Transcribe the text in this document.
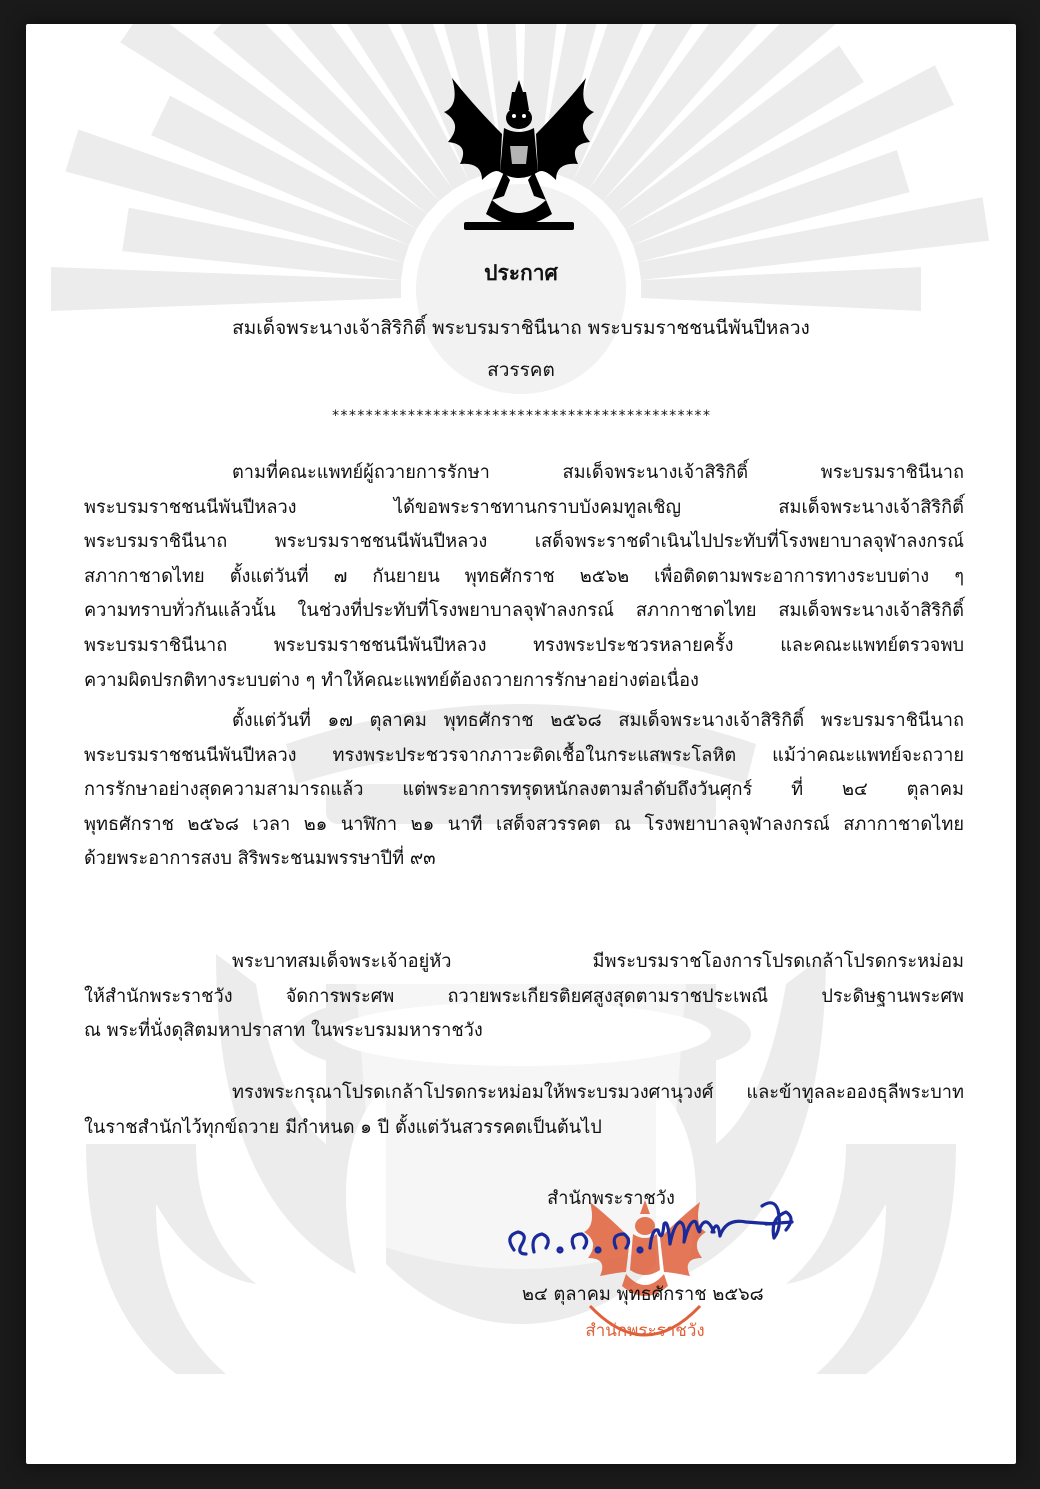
ประกาศ
สมเด็จพระนางเจ้าสิริกิติ์ พระบรมราชินีนาถ พระบรมราชชนนีพันปีหลวง
สวรรคต
*********************************************
ตามที่คณะแพทย์ผู้ถวายการรักษา สมเด็จพระนางเจ้าสิริกิติ์ พระบรมราชินีนาถ
พระบรมราชชนนีพันปีหลวง ได้ขอพระราชทานกราบบังคมทูลเชิญ สมเด็จพระนางเจ้าสิริกิติ์
พระบรมราชินีนาถ พระบรมราชชนนีพันปีหลวง เสด็จพระราชดำเนินไปประทับที่โรงพยาบาลจุฬาลงกรณ์
สภากาชาดไทย ตั้งแต่วันที่ ๗ กันยายน พุทธศักราช ๒๕๖๒ เพื่อติดตามพระอาการทางระบบต่าง ๆ
ความทราบทั่วกันแล้วนั้น ในช่วงที่ประทับที่โรงพยาบาลจุฬาลงกรณ์ สภากาชาดไทย สมเด็จพระนางเจ้าสิริกิติ์
พระบรมราชินีนาถ พระบรมราชชนนีพันปีหลวง ทรงพระประชวรหลายครั้ง และคณะแพทย์ตรวจพบ
ความผิดปรกติทางระบบต่าง ๆ ทำให้คณะแพทย์ต้องถวายการรักษาอย่างต่อเนื่อง
ตั้งแต่วันที่ ๑๗ ตุลาคม พุทธศักราช ๒๕๖๘ สมเด็จพระนางเจ้าสิริกิติ์ พระบรมราชินีนาถ
พระบรมราชชนนีพันปีหลวง ทรงพระประชวรจากภาวะติดเชื้อในกระแสพระโลหิต แม้ว่าคณะแพทย์จะถวาย
การรักษาอย่างสุดความสามารถแล้ว แต่พระอาการทรุดหนักลงตามลำดับถึงวันศุกร์ ที่ ๒๔ ตุลาคม
พุทธศักราช ๒๕๖๘ เวลา ๒๑ นาฬิกา ๒๑ นาที เสด็จสวรรคต ณ โรงพยาบาลจุฬาลงกรณ์ สภากาชาดไทย
ด้วยพระอาการสงบ สิริพระชนมพรรษาปีที่ ๙๓
พระบาทสมเด็จพระเจ้าอยู่หัว มีพระบรมราชโองการโปรดเกล้าโปรดกระหม่อม
ให้สำนักพระราชวัง จัดการพระศพ ถวายพระเกียรติยศสูงสุดตามราชประเพณี ประดิษฐานพระศพ
ณ พระที่นั่งดุสิตมหาปราสาท ในพระบรมมหาราชวัง
ทรงพระกรุณาโปรดเกล้าโปรดกระหม่อมให้พระบรมวงศานุวงศ์ และข้าทูลละอองธุลีพระบาท
ในราชสำนักไว้ทุกข์ถวาย มีกำหนด ๑ ปี ตั้งแต่วันสวรรคตเป็นต้นไป
สำนักพระราชวัง
สำนักพระราชวัง
๒๔ ตุลาคม พุทธศักราช ๒๕๖๘
